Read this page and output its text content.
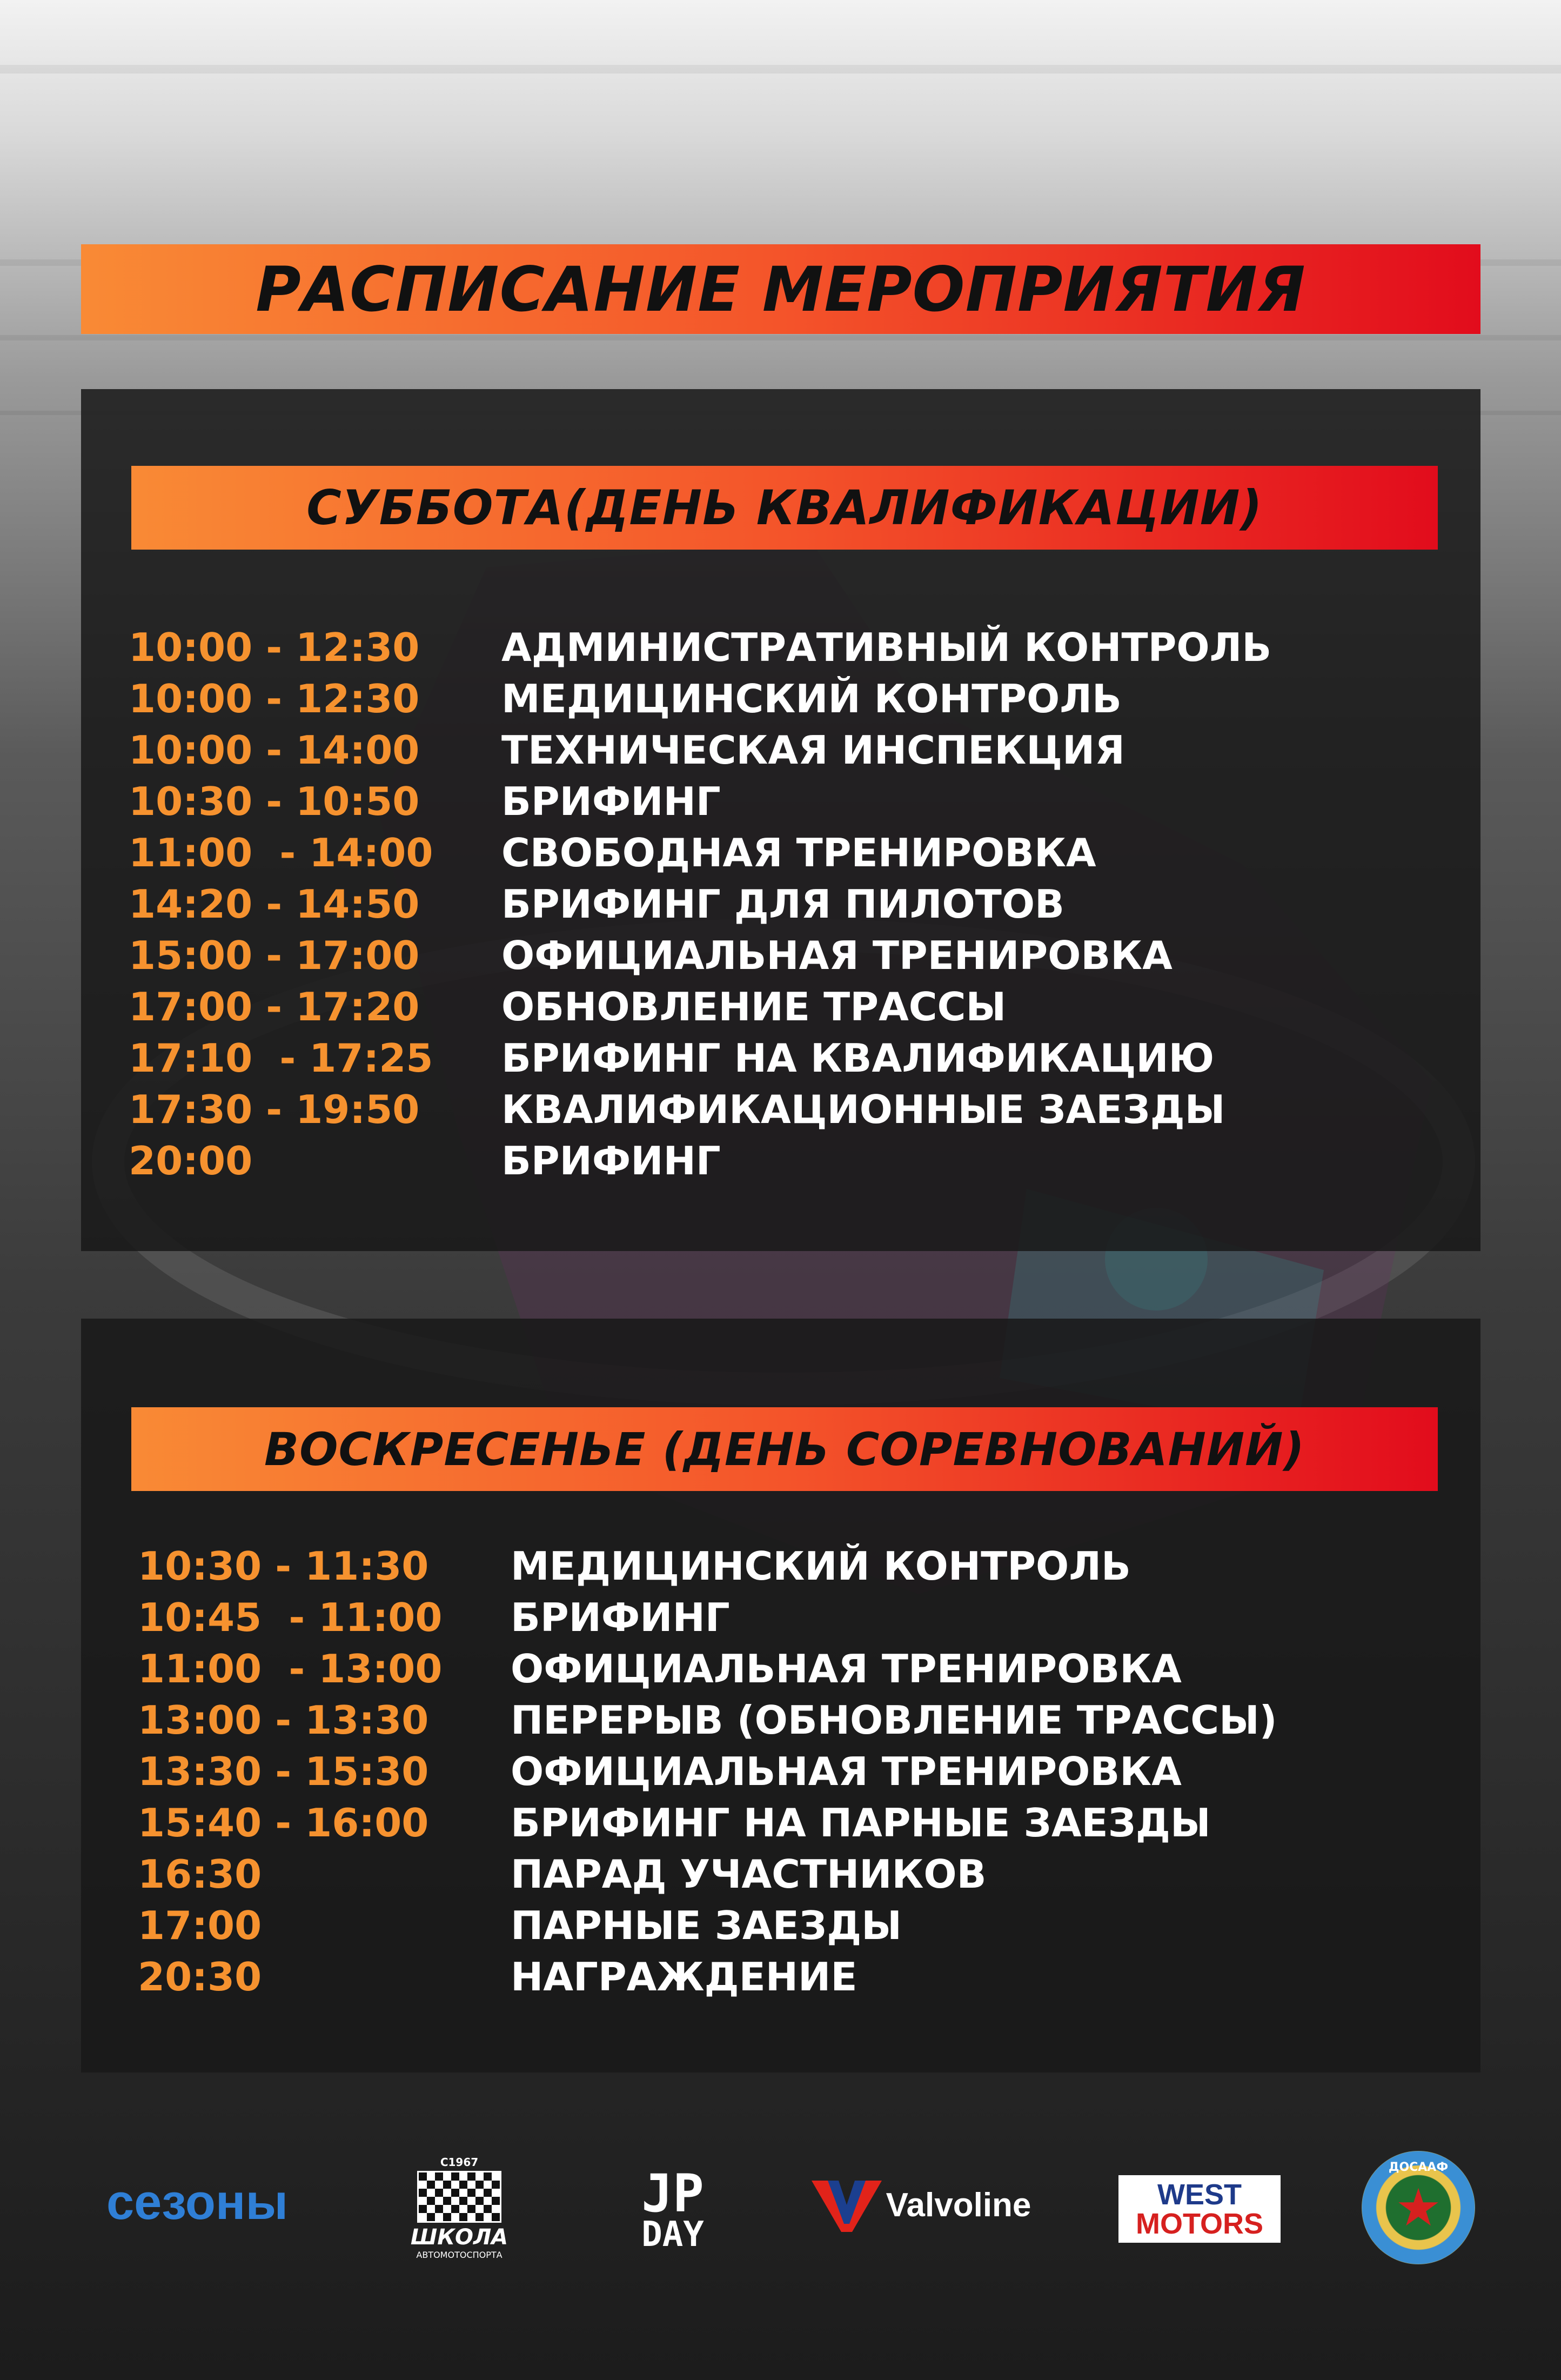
РАСПИСАНИЕ МЕРОПРИЯТИЯ
СУББОТА(ДЕНЬ КВАЛИФИКАЦИИ)
10:00 - 12:30	АДМИНИСТРАТИВНЫЙ КОНТРОЛЬ
10:00 - 12:30	МЕДИЦИНСКИЙ КОНТРОЛЬ
10:00 - 14:00	ТЕХНИЧЕСКАЯ ИНСПЕКЦИЯ
10:30 - 10:50	БРИФИНГ
11:00  - 14:00	СВОБОДНАЯ ТРЕНИРОВКА
14:20 - 14:50	БРИФИНГ ДЛЯ ПИЛОТОВ
15:00 - 17:00	ОФИЦИАЛЬНАЯ ТРЕНИРОВКА
17:00 - 17:20	ОБНОВЛЕНИЕ ТРАССЫ
17:10  - 17:25	БРИФИНГ НА КВАЛИФИКАЦИЮ
17:30 - 19:50	КВАЛИФИКАЦИОННЫЕ ЗАЕЗДЫ
20:00	БРИФИНГ
ВОСКРЕСЕНЬЕ (ДЕНЬ СОРЕВНОВАНИЙ)
10:30 - 11:30	МЕДИЦИНСКИЙ КОНТРОЛЬ
10:45  - 11:00	БРИФИНГ
11:00  - 13:00	ОФИЦИАЛЬНАЯ ТРЕНИРОВКА
13:00 - 13:30	ПЕРЕРЫВ (ОБНОВЛЕНИЕ ТРАССЫ)
13:30 - 15:30	ОФИЦИАЛЬНАЯ ТРЕНИРОВКА
15:40 - 16:00	БРИФИНГ НА ПАРНЫЕ ЗАЕЗДЫ
16:30	ПАРАД УЧАСТНИКОВ
17:00	ПАРНЫЕ ЗАЕЗДЫ
20:30	НАГРАЖДЕНИЕ
сезоны
С1967
ШКОЛА
АВТОМОТОСПОРТА
JP
DAY
Valvoline	WEST
MOTORS
ДОСААФ
★
